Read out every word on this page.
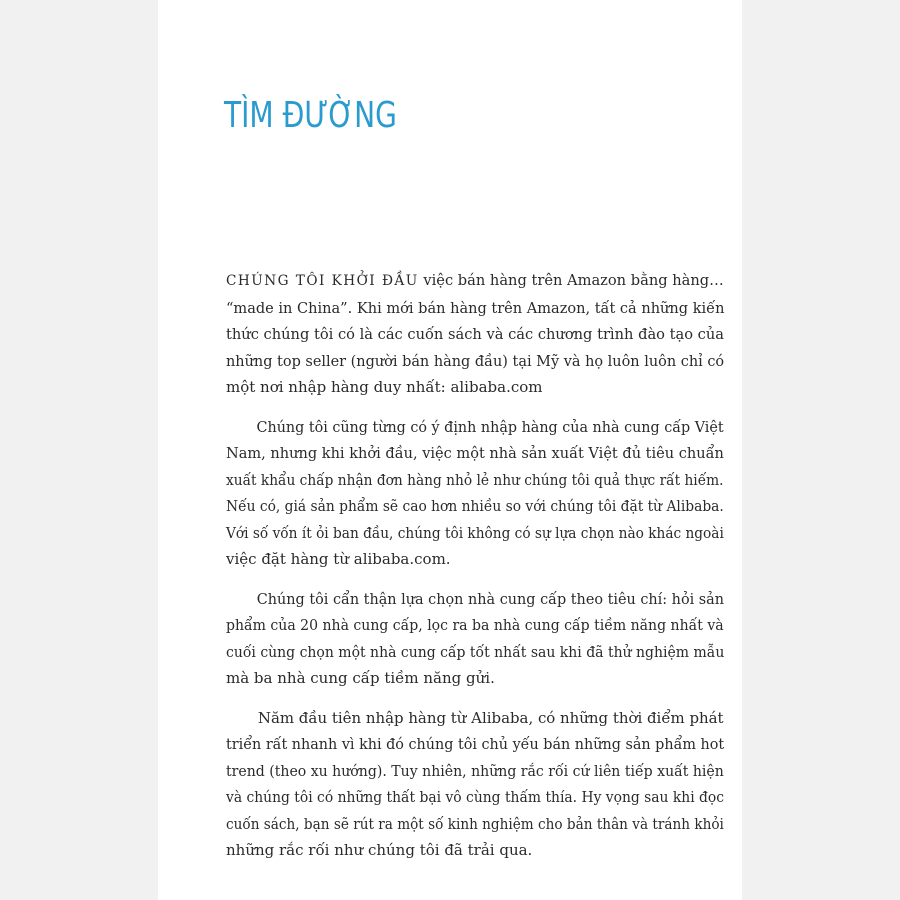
TÌM ĐƯỜNG

CHÚNG TÔI KHỞI ĐẦU việc bán hàng trên Amazon bằng hàng…
“made in China”. Khi mới bán hàng trên Amazon, tất cả những kiến
thức chúng tôi có là các cuốn sách và các chương trình đào tạo của
những top seller (người bán hàng đầu) tại Mỹ và họ luôn luôn chỉ có
một nơi nhập hàng duy nhất: alibaba.com

Chúng tôi cũng từng có ý định nhập hàng của nhà cung cấp Việt
Nam, nhưng khi khởi đầu, việc một nhà sản xuất Việt đủ tiêu chuẩn
xuất khẩu chấp nhận đơn hàng nhỏ lẻ như chúng tôi quả thực rất hiếm.
Nếu có, giá sản phẩm sẽ cao hơn nhiều so với chúng tôi đặt từ Alibaba.
Với số vốn ít ỏi ban đầu, chúng tôi không có sự lựa chọn nào khác ngoài
việc đặt hàng từ alibaba.com.

Chúng tôi cẩn thận lựa chọn nhà cung cấp theo tiêu chí: hỏi sản
phẩm của 20 nhà cung cấp, lọc ra ba nhà cung cấp tiềm năng nhất và
cuối cùng chọn một nhà cung cấp tốt nhất sau khi đã thử nghiệm mẫu
mà ba nhà cung cấp tiềm năng gửi.

Năm đầu tiên nhập hàng từ Alibaba, có những thời điểm phát
triển rất nhanh vì khi đó chúng tôi chủ yếu bán những sản phẩm hot
trend (theo xu hướng). Tuy nhiên, những rắc rối cứ liên tiếp xuất hiện
và chúng tôi có những thất bại vô cùng thấm thía. Hy vọng sau khi đọc
cuốn sách, bạn sẽ rút ra một số kinh nghiệm cho bản thân và tránh khỏi
những rắc rối như chúng tôi đã trải qua.
